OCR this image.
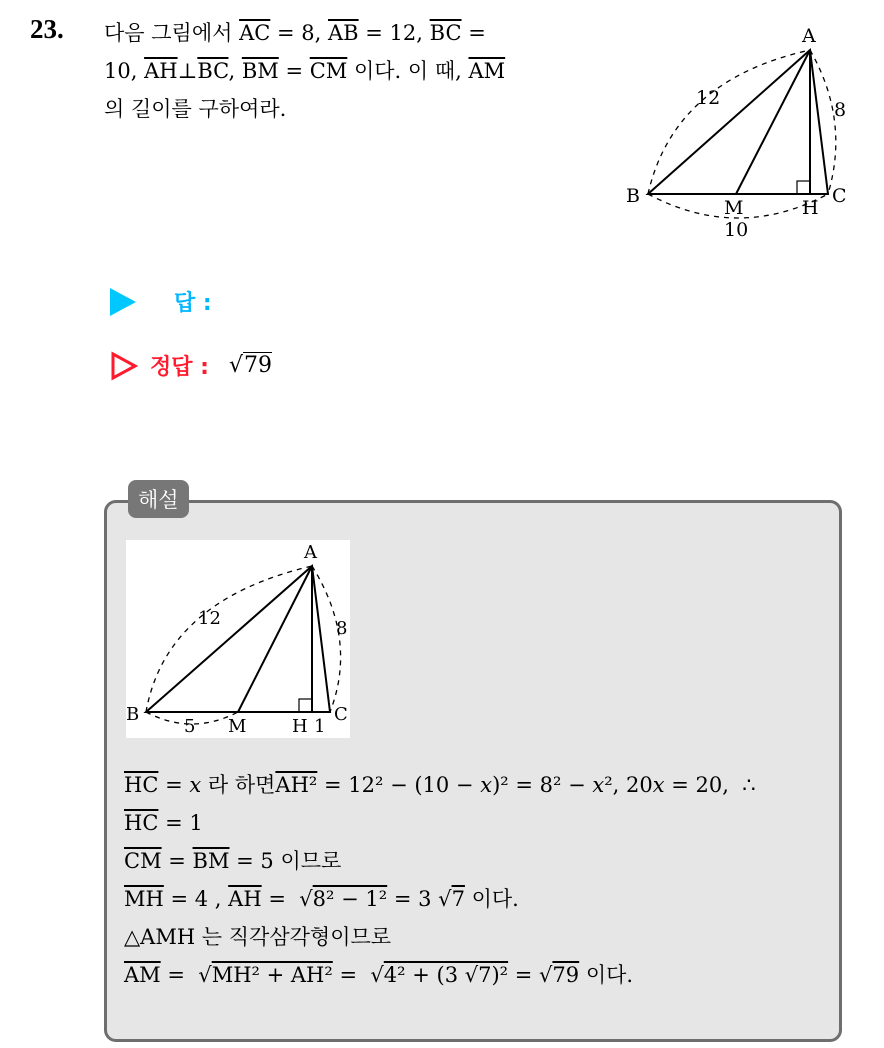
23. 다음 그림에서 $\overline{AC} = 8$, $\overline{AB} = 12$, $\overline{BC}$ =
10, $\overline{AH}\perp\overline{BC}$, $\overline{BM} = \overline{CM}$ 이다. 이 때, $\overline{AM}$
의 길이를 구하여라.
A
B	C
M	H
12
8
10
답 :
정답 : √79
해설
A
B	C
M	H
12	8
5	1
$\overline{HC} = x$ 라 하면AH² = 12² − (10 − x)² = 8² − x², 20x = 20,  ∴
$\overline{HC} = 1$
$\overline{CM} = \overline{BM} = 5$ 이므로
$\overline{MH} = 4$ , $\overline{AH} = √8^2 - 1^2 = 3$ √7 이다.
△AMH 는 직각삼각형이므로
$\overline{AM} = √MH^2 + AH^2 = √4^2 + (3$ √7)² = √79 이다.
